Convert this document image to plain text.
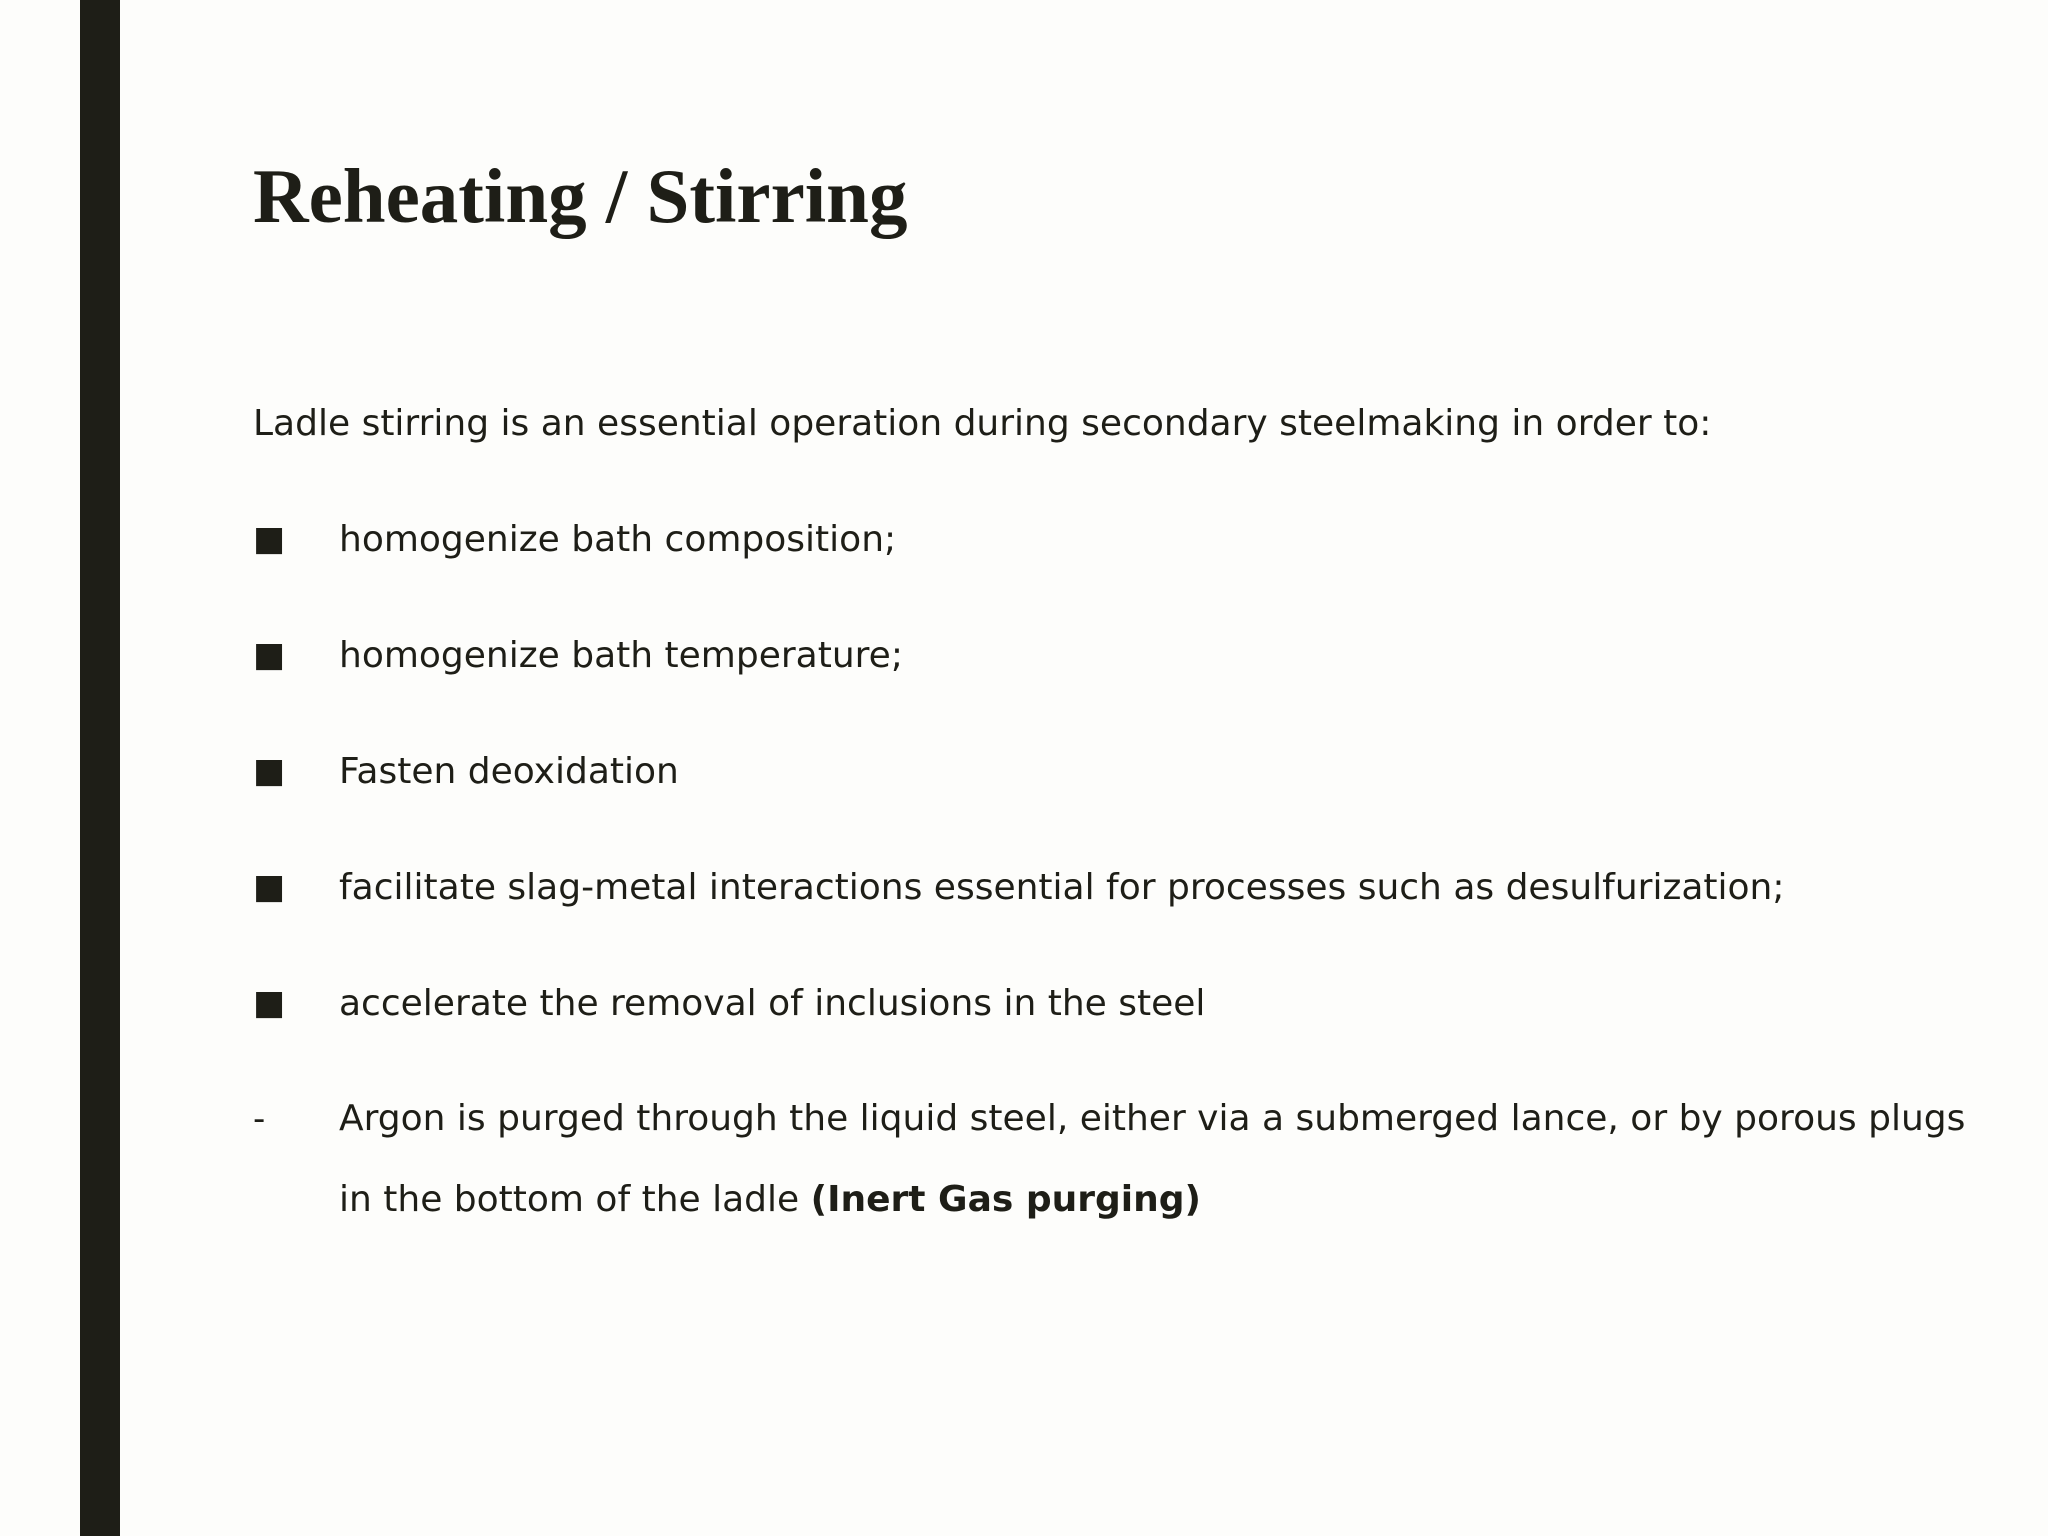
Reheating / Stirring

Ladle stirring is an essential operation during secondary steelmaking in order to:

■ homogenize bath composition;
■ homogenize bath temperature;
■ Fasten deoxidation
■ facilitate slag-metal interactions essential for processes such as desulfurization;
■ accelerate the removal of inclusions in the steel
-	Argon is purged through the liquid steel, either via a submerged lance, or by porous plugs in the bottom of the ladle (Inert Gas purging)
